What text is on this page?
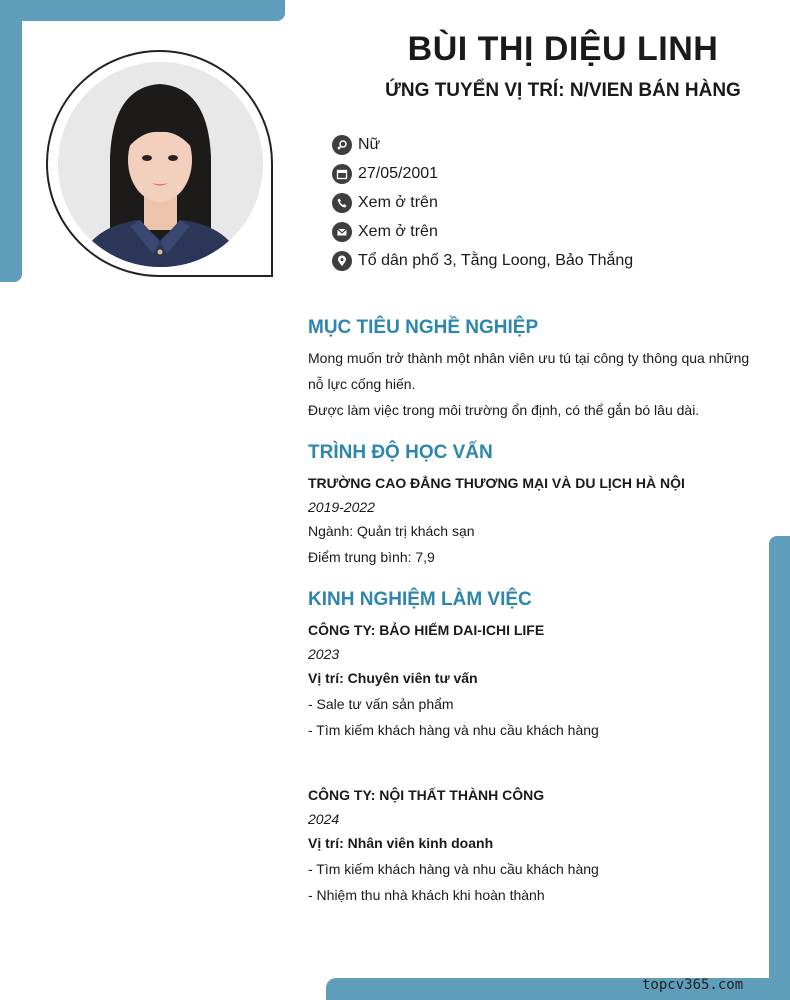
BÙI THỊ DIỆU LINH
ỨNG TUYỂN VỊ TRÍ: N/VIEN BÁN HÀNG
Nữ
27/05/2001
Xem ở trên
Xem ở trên
Tổ dân phố 3, Tằng Loong, Bảo Thắng
MỤC TIÊU NGHỀ NGHIỆP

Mong muốn trở thành một nhân viên ưu tú tại công ty thông qua những

nỗ lực cống hiến.

Được làm việc trong môi trường ổn định, có thể gắn bó lâu dài.

TRÌNH ĐỘ HỌC VẤN

TRƯỜNG CAO ĐẲNG THƯƠNG MẠI VÀ DU LỊCH HÀ NỘI

2019-2022

Ngành: Quản trị khách sạn

Điểm trung bình: 7,9

KINH NGHIỆM LÀM VIỆC

CÔNG TY: BẢO HIỂM DAI-ICHI LIFE

2023

Vị trí: Chuyên viên tư vấn

- Sale tư vấn sản phẩm

- Tìm kiếm khách hàng và nhu cầu khách hàng

CÔNG TY: NỘI THẤT THÀNH CÔNG

2024

Vị trí: Nhân viên kinh doanh

- Tìm kiếm khách hàng và nhu cầu khách hàng

- Nhiệm thu nhà khách khi hoàn thành

topcv365.com
